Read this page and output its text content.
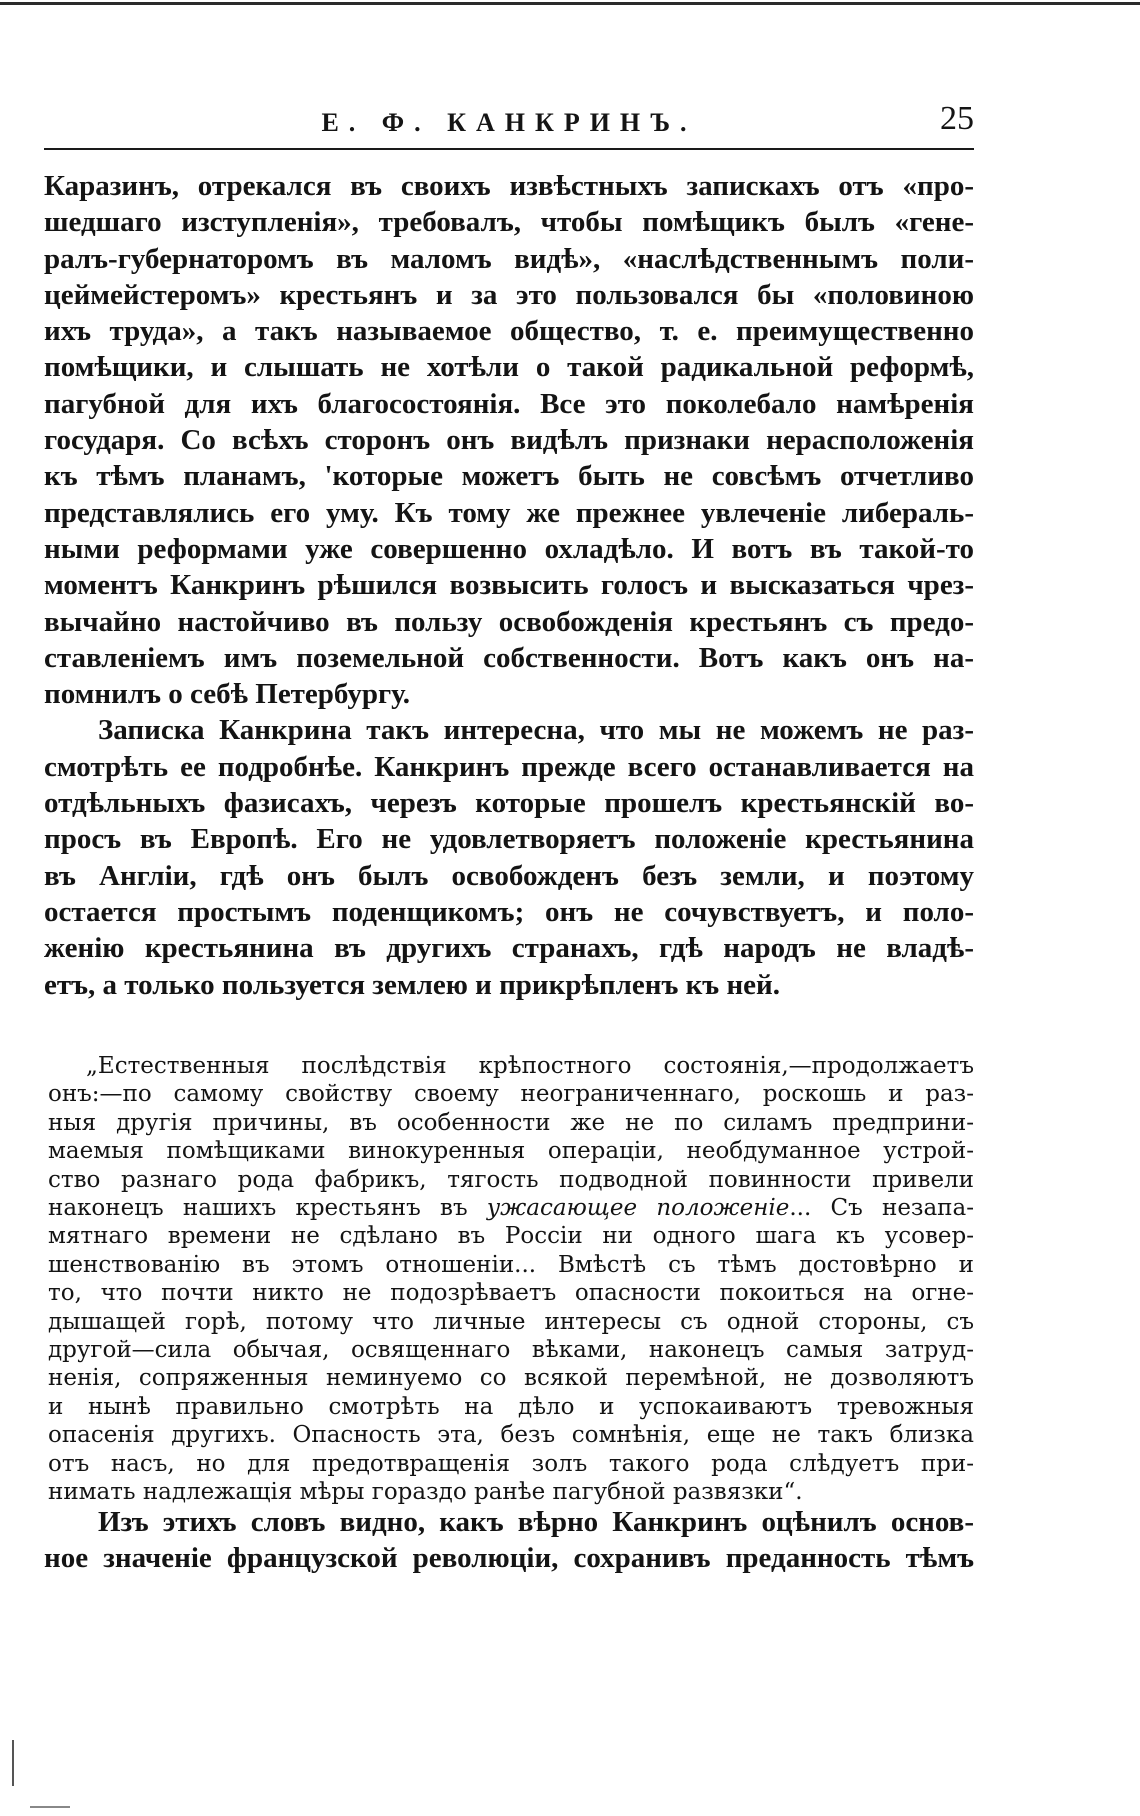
Е. Ф. КАНКРИНЪ.	25

Каразинъ, отрекался въ своихъ извѣстныхъ запискахъ отъ «про-
шедшаго изступленія», требовалъ, чтобы помѣщикъ былъ «гене-
ралъ-губернаторомъ въ маломъ видѣ», «наслѣдственнымъ поли-
цеймейстеромъ» крестьянъ и за это пользовался бы «половиною
ихъ труда», а такъ называемое общество, т. е. преимущественно
помѣщики, и слышать не хотѣли о такой радикальной реформѣ,
пагубной для ихъ благосостоянія. Все это поколебало намѣренія
государя. Со всѣхъ сторонъ онъ видѣлъ признаки нерасположенія
къ тѣмъ планамъ, 'которые можетъ быть не совсѣмъ отчетливо
представлялись его уму. Къ тому же прежнее увлеченіе либераль-
ными реформами уже совершенно охладѣло. И вотъ въ такой-то
моментъ Канкринъ рѣшился возвысить голосъ и высказаться чрез-
вычайно настойчиво въ пользу освобожденія крестьянъ съ предо-
ставленіемъ имъ поземельной собственности. Вотъ какъ онъ на-
помнилъ о себѣ Петербургу.

Записка Канкрина такъ интересна, что мы не можемъ не раз-
смотрѣть ее подробнѣе. Канкринъ прежде всего останавливается на
отдѣльныхъ фазисахъ, черезъ которые прошелъ крестьянскій во-
просъ въ Европѣ. Его не удовлетворяетъ положеніе крестьянина
въ Англіи, гдѣ онъ былъ освобожденъ безъ земли, и поэтому
остается простымъ поденщикомъ; онъ не сочувствуетъ, и поло-
женію крестьянина въ другихъ странахъ, гдѣ народъ не владѣ-
етъ, а только пользуется землею и прикрѣпленъ къ ней.

„Естественныя послѣдствія крѣпостного состоянія,—продолжаетъ
онъ:—по самому свойству своему неограниченнаго, роскошь и раз-
ныя другія причины, въ особенности же не по силамъ предприни-
маемыя помѣщиками винокуренныя операціи, необдуманное устрой-
ство разнаго рода фабрикъ, тягость подводной повинности привели
наконецъ нашихъ крестьянъ въ ужасающее положеніе... Съ незапа-
мятнаго времени не сдѣлано въ Россіи ни одного шага къ усовер-
шенствованію въ этомъ отношеніи... Вмѣстѣ съ тѣмъ достовѣрно и
то, что почти никто не подозрѣваетъ опасности покоиться на огне-
дышащей горѣ, потому что личные интересы съ одной стороны, съ
другой—сила обычая, освященнаго вѣками, наконецъ самыя затруд-
ненія, сопряженныя неминуемо со всякой перемѣной, не дозволяютъ
и нынѣ правильно смотрѣть на дѣло и успокаиваютъ тревожныя
опасенія другихъ. Опасность эта, безъ сомнѣнія, еще не такъ близка
отъ насъ, но для предотвращенія золъ такого рода слѣдуетъ при-
нимать надлежащія мѣры гораздо ранѣе пагубной развязки“.
Изъ этихъ словъ видно, какъ вѣрно Канкринъ оцѣнилъ основ-
ное значеніе французской революціи, сохранивъ преданность тѣмъ
